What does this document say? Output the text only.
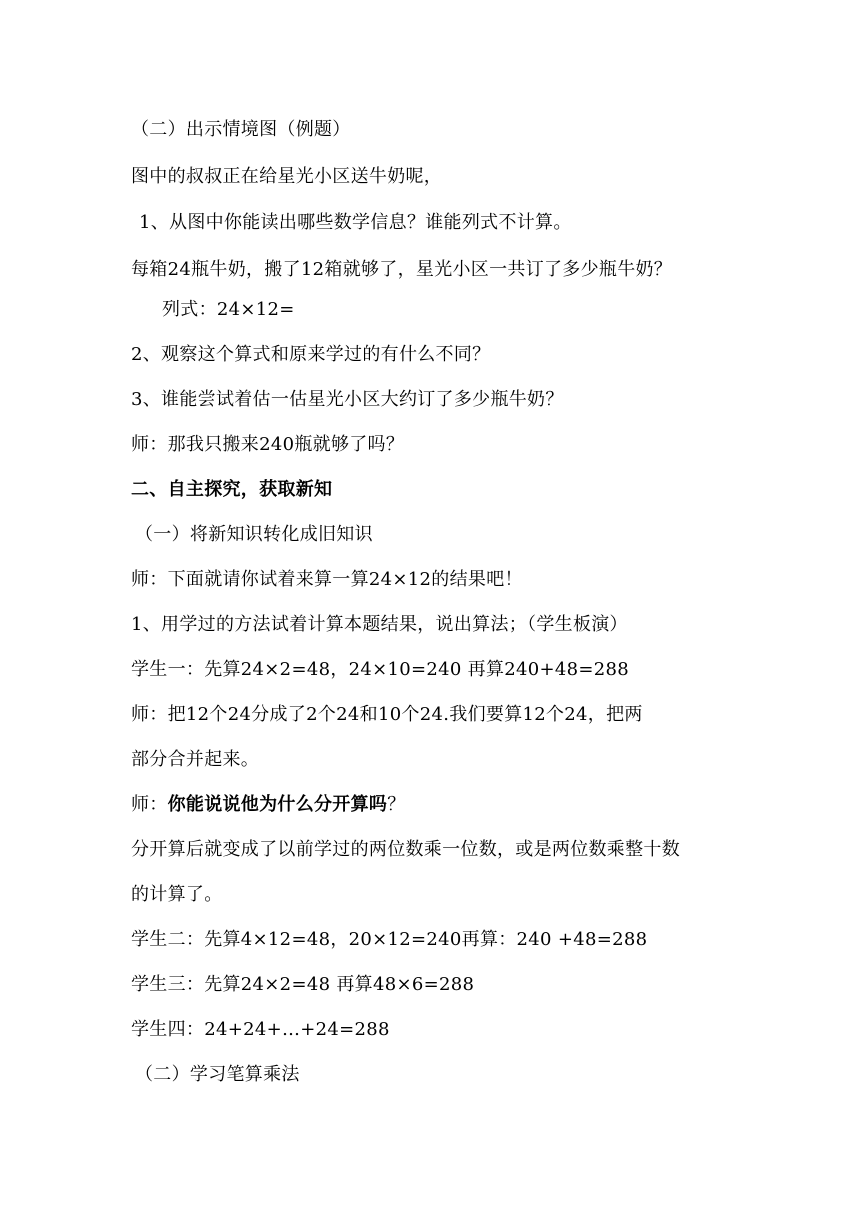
（二）出示情境图（例题）
图中的叔叔正在给星光小区送牛奶呢，
1、从图中你能读出哪些数学信息？谁能列式不计算。
每箱24瓶牛奶，搬了12箱就够了，星光小区一共订了多少瓶牛奶？
列式：24×12=
2、观察这个算式和原来学过的有什么不同？
3、谁能尝试着估一估星光小区大约订了多少瓶牛奶？
师：那我只搬来240瓶就够了吗？
二、自主探究，获取新知
（一）将新知识转化成旧知识
师：下面就请你试着来算一算24×12的结果吧！
1、用学过的方法试着计算本题结果，说出算法；（学生板演）
学生一：先算24×2=48，24×10=240 再算240+48=288
师：把12个24分成了2个24和10个24.我们要算12个24，把两
部分合并起来。
师：你能说说他为什么分开算吗？
分开算后就变成了以前学过的两位数乘一位数，或是两位数乘整十数
的计算了。
学生二：先算4×12=48，20×12=240再算：240 +48=288
学生三：先算24×2=48 再算48×6=288
学生四：24+24+…+24=288
（二）学习笔算乘法
